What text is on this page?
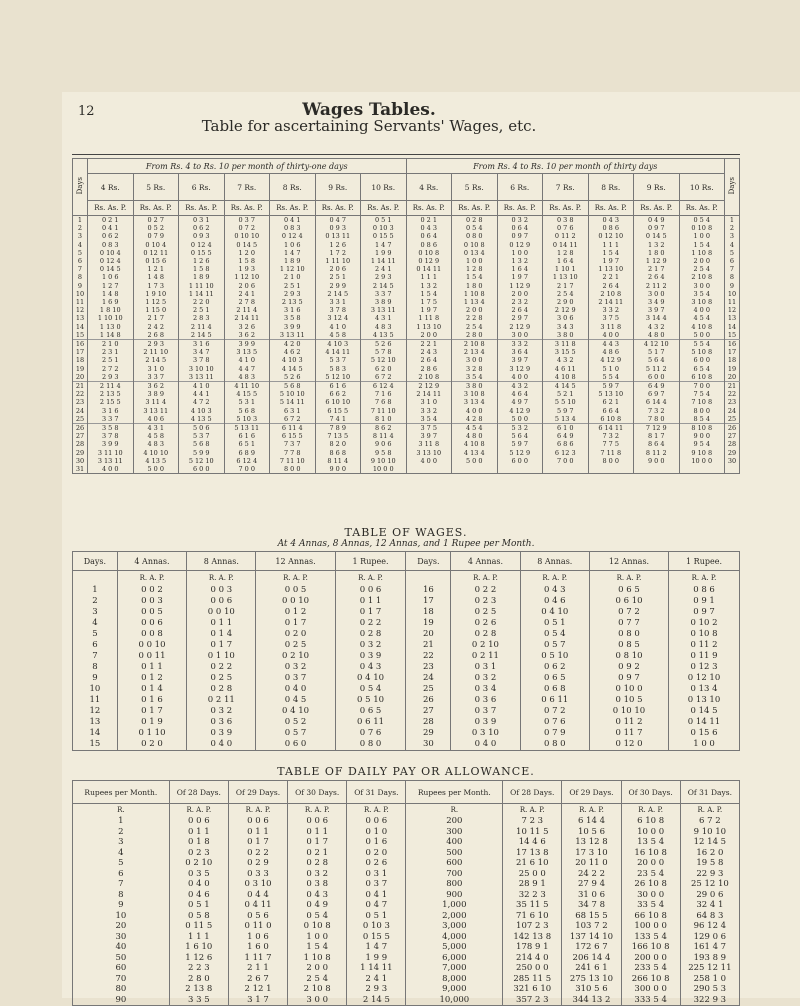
12	Wages Tables.
Table for ascertaining Servants' Wages, etc.
Days	From Rs. 4 to Rs. 10 per month of thirty-one days							From Rs. 4 to Rs. 10 per month of thirty days							Days
	4 Rs.	5 Rs.	6 Rs.	7 Rs.	8 Rs.	9 Rs.	10 Rs.	4 Rs.	5 Rs.	6 Rs.	7 Rs.	8 Rs.	9 Rs.	10 Rs.	
	Rs. As. P.	Rs. As. P.	Rs. As. P.	Rs. As. P.	Rs. As. P.	Rs. As. P.	Rs. As. P.	Rs. As. P.	Rs. As. P.	Rs. As. P.	Rs. As. P.	Rs. As. P.	Rs. As. P.	Rs. As. P.	
1	0 2 1	0 2 7	0 3 1	0 3 7	0 4 1	0 4 7	0 5 1	0 2 1	0 2 8	0 3 2	0 3 8	0 4 3	0 4 9	0 5 4	1
2	0 4 1	0 5 2	0 6 2	0 7 2	0 8 3	0 9 3	0 10 3	0 4 3	0 5 4	0 6 4	0 7 6	0 8 6	0 9 7	0 10 8	2
3	0 6 2	0 7 9	0 9 3	0 10 10	0 12 4	0 13 11	0 15 5	0 6 4	0 8 0	0 9 7	0 11 2	0 12 10	0 14 5	1 0 0	3
4	0 8 3	0 10 4	0 12 4	0 14 5	1 0 6	1 2 6	1 4 7	0 8 6	0 10 8	0 12 9	0 14 11	1 1 1	1 3 2	1 5 4	4
5	0 10 4	0 12 11	0 15 5	1 2 0	1 4 7	1 7 2	1 9 9	0 10 8	0 13 4	1 0 0	1 2 8	1 5 4	1 8 0	1 10 8	5
6	0 12 4	0 15 6	1 2 6	1 5 8	1 8 9	1 11 10	1 14 11	0 12 9	1 0 0	1 3 2	1 6 4	1 9 7	1 12 9	2 0 0	6
7	0 14 5	1 2 1	1 5 8	1 9 3	1 12 10	2 0 6	2 4 1	0 14 11	1 2 8	1 6 4	1 10 1	1 13 10	2 1 7	2 5 4	7
8	1 0 6	1 4 8	1 8 9	1 12 10	2 1 0	2 5 1	2 9 3	1 1 1	1 5 4	1 9 7	1 13 10	2 2 1	2 6 4	2 10 8	8
9	1 2 7	1 7 3	1 11 10	2 0 6	2 5 1	2 9 9	2 14 5	1 3 2	1 8 0	1 12 9	2 1 7	2 6 4	2 11 2	3 0 0	9
10	1 4 8	1 9 10	1 14 11	2 4 1	2 9 3	2 14 5	3 3 7	1 5 4	1 10 8	2 0 0	2 5 4	2 10 8	3 0 0	3 5 4	10
11	1 6 9	1 12 5	2 2 0	2 7 8	2 13 5	3 3 1	3 8 9	1 7 5	1 13 4	2 3 2	2 9 0	2 14 11	3 4 9	3 10 8	11
12	1 8 10	1 15 0	2 5 1	2 11 4	3 1 6	3 7 8	3 13 11	1 9 7	2 0 0	2 6 4	2 12 9	3 3 2	3 9 7	4 0 0	12
13	1 10 10	2 1 7	2 8 3	2 14 11	3 5 8	3 12 4	4 3 1	1 11 8	2 2 8	2 9 7	3 0 6	3 7 5	3 14 4	4 5 4	13
14	1 13 0	2 4 2	2 11 4	3 2 6	3 9 9	4 1 0	4 8 3	1 13 10	2 5 4	2 12 9	3 4 3	3 11 8	4 3 2	4 10 8	14
15	1 14 8	2 6 8	2 14 5	3 6 2	3 13 11	4 5 8	4 13 5	2 0 0	2 8 0	3 0 0	3 8 0	4 0 0	4 8 0	5 0 0	15
16	2 1 0	2 9 3	3 1 6	3 9 9	4 2 0	4 10 3	5 2 6	2 2 1	2 10 8	3 3 2	3 11 8	4 4 3	4 12 10	5 5 4	16
17	2 3 1	2 11 10	3 4 7	3 13 5	4 6 2	4 14 11	5 7 8	2 4 3	2 13 4	3 6 4	3 15 5	4 8 6	5 1 7	5 10 8	17
18	2 5 1	2 14 5	3 7 8	4 1 0	4 10 3	5 3 7	5 12 10	2 6 4	3 0 0	3 9 7	4 3 2	4 12 9	5 6 4	6 0 0	18
19	2 7 2	3 1 0	3 10 10	4 4 7	4 14 5	5 8 3	6 2 0	2 8 6	3 2 8	3 12 9	4 6 11	5 1 0	5 11 2	6 5 4	19
20	2 9 3	3 3 7	3 13 11	4 8 3	5 2 6	5 12 10	6 7 2	2 10 8	3 5 4	4 0 0	4 10 8	5 5 4	6 0 0	6 10 8	20
21	2 11 4	3 6 2	4 1 0	4 11 10	5 6 8	6 1 6	6 12 4	2 12 9	3 8 0	4 3 2	4 14 5	5 9 7	6 4 9	7 0 0	21
22	2 13 5	3 8 9	4 4 1	4 15 5	5 10 10	6 6 2	7 1 6	2 14 11	3 10 8	4 6 4	5 2 1	5 13 10	6 9 7	7 5 4	22
23	2 15 5	3 11 4	4 7 2	5 3 1	5 14 11	6 10 10	7 6 8	3 1 0	3 13 4	4 9 7	5 5 10	6 2 1	6 14 4	7 10 8	23
24	3 1 6	3 13 11	4 10 3	5 6 8	6 3 1	6 15 5	7 11 10	3 3 2	4 0 0	4 12 9	5 9 7	6 6 4	7 3 2	8 0 0	24
25	3 3 7	4 0 6	4 13 5	5 10 3	6 7 2	7 4 1	8 1 0	3 5 4	4 2 8	5 0 0	5 13 4	6 10 8	7 8 0	8 5 4	25
26	3 5 8	4 3 1	5 0 6	5 13 11	6 11 4	7 8 9	8 6 2	3 7 5	4 5 4	5 3 2	6 1 0	6 14 11	7 12 9	8 10 8	26
27	3 7 8	4 5 8	5 3 7	6 1 6	6 15 5	7 13 5	8 11 4	3 9 7	4 8 0	5 6 4	6 4 9	7 3 2	8 1 7	9 0 0	27
28	3 9 9	4 8 3	5 6 8	6 5 1	7 3 7	8 2 0	9 0 6	3 11 8	4 10 8	5 9 7	6 8 6	7 7 5	8 6 4	9 5 4	28
29	3 11 10	4 10 10	5 9 9	6 8 9	7 7 8	8 6 8	9 5 8	3 13 10	4 13 4	5 12 9	6 12 3	7 11 8	8 11 2	9 10 8	29
30	3 13 11	4 13 5	5 12 10	6 12 4	7 11 10	8 11 4	9 10 10	4 0 0	5 0 0	6 0 0	7 0 0	8 0 0	9 0 0	10 0 0	30
31	4 0 0	5 0 0	6 0 0	7 0 0	8 0 0	9 0 0	10 0 0								
TABLE OF WAGES.

At 4 Annas, 8 Annas, 12 Annas, and 1 Rupee per Month.

Days.	4 Annas.	8 Annas.	12 Annas.	1 Rupee.	Days.	4 Annas.	8 Annas.	12 Annas.	1 Rupee.
	R. A. P.	R. A. P.	R. A. P.	R. A. P.		R. A. P.	R. A. P.	R. A. P.	R. A. P.
1	0 0 2	0 0 3	0 0 5	0 0 6	16	0 2 2	0 4 3	0 6 5	0 8 6
2	0 0 3	0 0 6	0 0 10	0 1 1	17	0 2 3	0 4 6	0 6 10	0 9 1
3	0 0 5	0 0 10	0 1 2	0 1 7	18	0 2 5	0 4 10	0 7 2	0 9 7
4	0 0 6	0 1 1	0 1 7	0 2 2	19	0 2 6	0 5 1	0 7 7	0 10 2
5	0 0 8	0 1 4	0 2 0	0 2 8	20	0 2 8	0 5 4	0 8 0	0 10 8
6	0 0 10	0 1 7	0 2 5	0 3 2	21	0 2 10	0 5 7	0 8 5	0 11 2
7	0 0 11	0 1 10	0 2 10	0 3 9	22	0 2 11	0 5 10	0 8 10	0 11 9
8	0 1 1	0 2 2	0 3 2	0 4 3	23	0 3 1	0 6 2	0 9 2	0 12 3
9	0 1 2	0 2 5	0 3 7	0 4 10	24	0 3 2	0 6 5	0 9 7	0 12 10
10	0 1 4	0 2 8	0 4 0	0 5 4	25	0 3 4	0 6 8	0 10 0	0 13 4
11	0 1 6	0 2 11	0 4 5	0 5 10	26	0 3 6	0 6 11	0 10 5	0 13 10
12	0 1 7	0 3 2	0 4 10	0 6 5	27	0 3 7	0 7 2	0 10 10	0 14 5
13	0 1 9	0 3 6	0 5 2	0 6 11	28	0 3 9	0 7 6	0 11 2	0 14 11
14	0 1 10	0 3 9	0 5 7	0 7 6	29	0 3 10	0 7 9	0 11 7	0 15 6
15	0 2 0	0 4 0	0 6 0	0 8 0	30	0 4 0	0 8 0	0 12 0	1 0 0
TABLE OF DAILY PAY OR ALLOWANCE.
Rupees per Month.	Of 28 Days.	Of 29 Days.	Of 30 Days.	Of 31 Days.	Rupees per Month.	Of 28 Days.	Of 29 Days.	Of 30 Days.	Of 31 Days.
R.	R. A. P.	R. A. P.	R. A. P.	R. A. P.	R.	R. A. P.	R. A. P.	R. A. P.	R. A. P.
1	0 0 6	0 0 6	0 0 6	0 0 6	200	7 2 3	6 14 4	6 10 8	6 7 2
2	0 1 1	0 1 1	0 1 1	0 1 0	300	10 11 5	10 5 6	10 0 0	9 10 10
3	0 1 8	0 1 7	0 1 7	0 1 6	400	14 4 6	13 12 8	13 5 4	12 14 5
4	0 2 3	0 2 2	0 2 1	0 2 0	500	17 13 8	17 3 10	16 10 8	16 2 0
5	0 2 10	0 2 9	0 2 8	0 2 6	600	21 6 10	20 11 0	20 0 0	19 5 8
6	0 3 5	0 3 3	0 3 2	0 3 1	700	25 0 0	24 2 2	23 5 4	22 9 3
7	0 4 0	0 3 10	0 3 8	0 3 7	800	28 9 1	27 9 4	26 10 8	25 12 10
8	0 4 6	0 4 4	0 4 3	0 4 1	900	32 2 3	31 0 6	30 0 0	29 0 6
9	0 5 1	0 4 11	0 4 9	0 4 7	1,000	35 11 5	34 7 8	33 5 4	32 4 1
10	0 5 8	0 5 6	0 5 4	0 5 1	2,000	71 6 10	68 15 5	66 10 8	64 8 3
20	0 11 5	0 11 0	0 10 8	0 10 3	3,000	107 2 3	103 7 2	100 0 0	96 12 4
30	1 1 1	1 0 6	1 0 0	0 15 5	4,000	142 13 8	137 14 10	133 5 4	129 0 6
40	1 6 10	1 6 0	1 5 4	1 4 7	5,000	178 9 1	172 6 7	166 10 8	161 4 7
50	1 12 6	1 11 7	1 10 8	1 9 9	6,000	214 4 0	206 14 4	200 0 0	193 8 9
60	2 2 3	2 1 1	2 0 0	1 14 11	7,000	250 0 0	241 6 1	233 5 4	225 12 11
70	2 8 0	2 6 7	2 5 4	2 4 1	8,000	285 11 5	275 13 10	266 10 8	258 1 0
80	2 13 8	2 12 1	2 10 8	2 9 3	9,000	321 6 10	310 5 6	300 0 0	290 5 3
90	3 3 5	3 1 7	3 0 0	2 14 5	10,000	357 2 3	344 13 2	333 5 4	322 9 3
